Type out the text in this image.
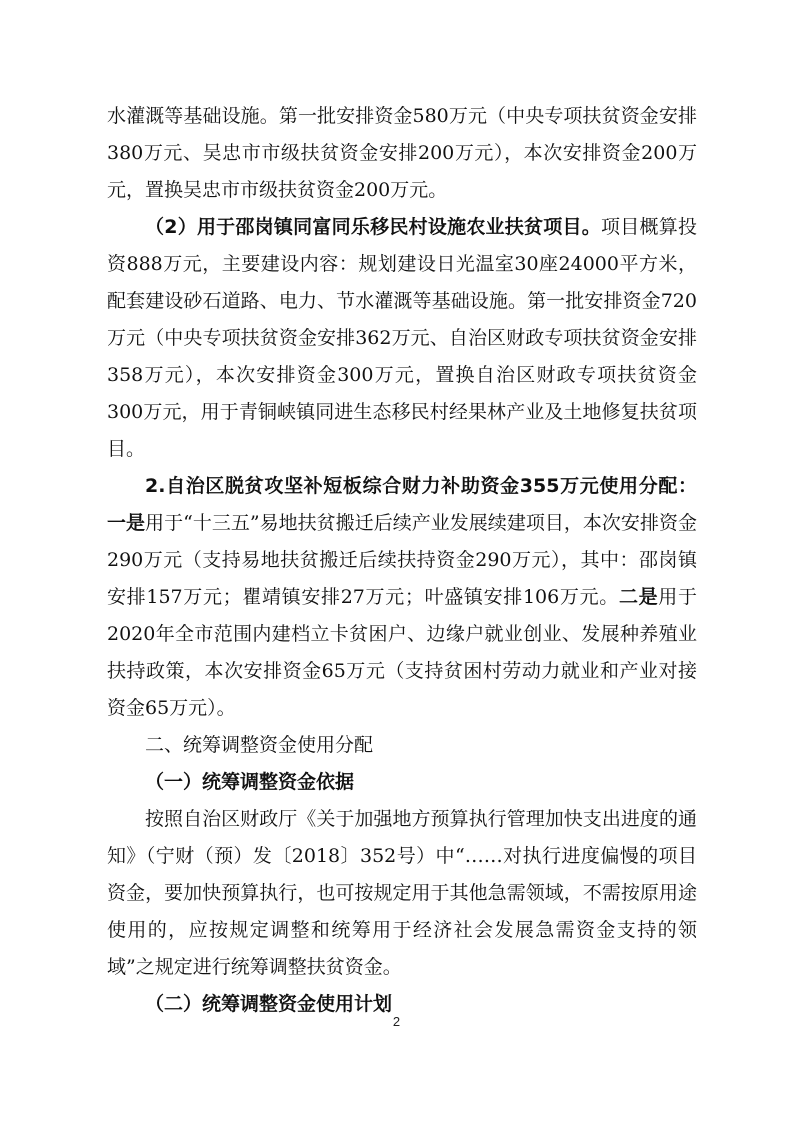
水灌溉等基础设施。第一批安排资金580万元（中央专项扶贫资金安排380万元、吴忠市市级扶贫资金安排200万元），本次安排资金200万元，置换吴忠市市级扶贫资金200万元。

（2）用于邵岗镇同富同乐移民村设施农业扶贫项目。项目概算投资888万元，主要建设内容：规划建设日光温室30座24000平方米，配套建设砂石道路、电力、节水灌溉等基础设施。第一批安排资金720万元（中央专项扶贫资金安排362万元、自治区财政专项扶贫资金安排358万元），本次安排资金300万元，置换自治区财政专项扶贫资金300万元，用于青铜峡镇同进生态移民村经果林产业及土地修复扶贫项目。

2.自治区脱贫攻坚补短板综合财力补助资金355万元使用分配：一是用于“十三五”易地扶贫搬迁后续产业发展续建项目，本次安排资金290万元（支持易地扶贫搬迁后续扶持资金290万元），其中：邵岗镇安排157万元；瞿靖镇安排27万元；叶盛镇安排106万元。二是用于2020年全市范围内建档立卡贫困户、边缘户就业创业、发展种养殖业扶持政策，本次安排资金65万元（支持贫困村劳动力就业和产业对接资金65万元）。

二、统筹调整资金使用分配

（一）统筹调整资金依据

按照自治区财政厅《关于加强地方预算执行管理加快支出进度的通知》（宁财（预）发〔2018〕352号）中“……对执行进度偏慢的项目资金，要加快预算执行，也可按规定用于其他急需领域，不需按原用途使用的，应按规定调整和统筹用于经济社会发展急需资金支持的领域”之规定进行统筹调整扶贫资金。

（二）统筹调整资金使用计划

2
